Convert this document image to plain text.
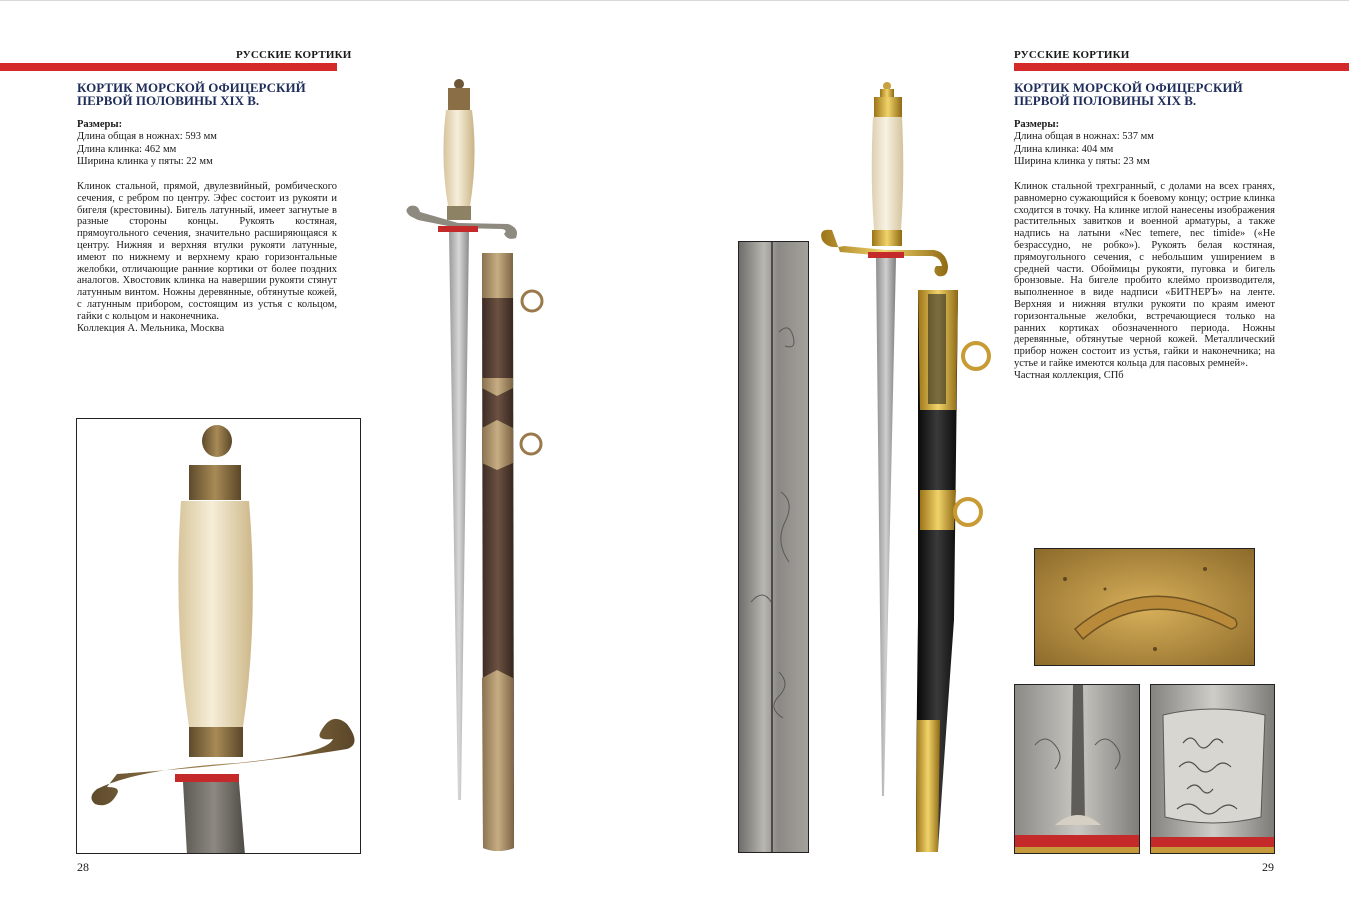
РУССКИЕ КОРТИКИ
КОРТИК МОРСКОЙ ОФИЦЕРСКИЙ
ПЕРВОЙ ПОЛОВИНЫ XIX В.
Размеры:
Длина общая в ножнах: 593 мм
Длина клинка: 462 мм
Ширина клинка у пяты: 22 мм

Клинок стальной, прямой, двулезвийный, ромбического сечения, с ребром по центру. Эфес состоит из рукояти и бигеля (крестовины). Бигель латунный, имеет загнутые в разные стороны концы. Рукоять костяная, прямоугольного сечения, значительно расширяющаяся к центру. Нижняя и верхняя втулки рукояти латунные, имеют по нижнему и верхнему краю горизонтальные желобки, отличающие ранние кортики от более поздних аналогов. Хвостовик клинка на навершии рукояти стянут латунным винтом. Ножны деревянные, обтянутые кожей, с латунным прибором, состоящим из устья с кольцом, гайки с кольцом и наконечника.

Коллекция А. Мельника, Москва

28
РУССКИЕ КОРТИКИ
КОРТИК МОРСКОЙ ОФИЦЕРСКИЙ
ПЕРВОЙ ПОЛОВИНЫ XIX В.
Размеры:
Длина общая в ножнах: 537 мм
Длина клинка: 404 мм
Ширина клинка у пяты: 23 мм

Клинок стальной трехгранный, с долами на всех гранях, равномерно сужающийся к боевому концу; острие клинка сходится в точку. На клинке иглой нанесены изображения растительных завитков и военной арматуры, а также надпись на латыни «Nec temere, nec timide» («Не безрассудно, не робко»). Рукоять белая костяная, прямоугольного сечения, с небольшим уширением в средней части. Обоймицы рукояти, пуговка и бигель бронзовые. На бигеле пробито клеймо производителя, выполненное в виде надписи «БИТНЕРЪ» на ленте. Верхняя и нижняя втулки рукояти по краям имеют горизонтальные желобки, встречающиеся только на ранних кортиках обозначенного периода. Ножны деревянные, обтянутые черной кожей. Металлический прибор ножен состоит из устья, гайки и наконечника; на устье и гайке имеются кольца для пасовых ремней».

Частная коллекция, СПб

29
